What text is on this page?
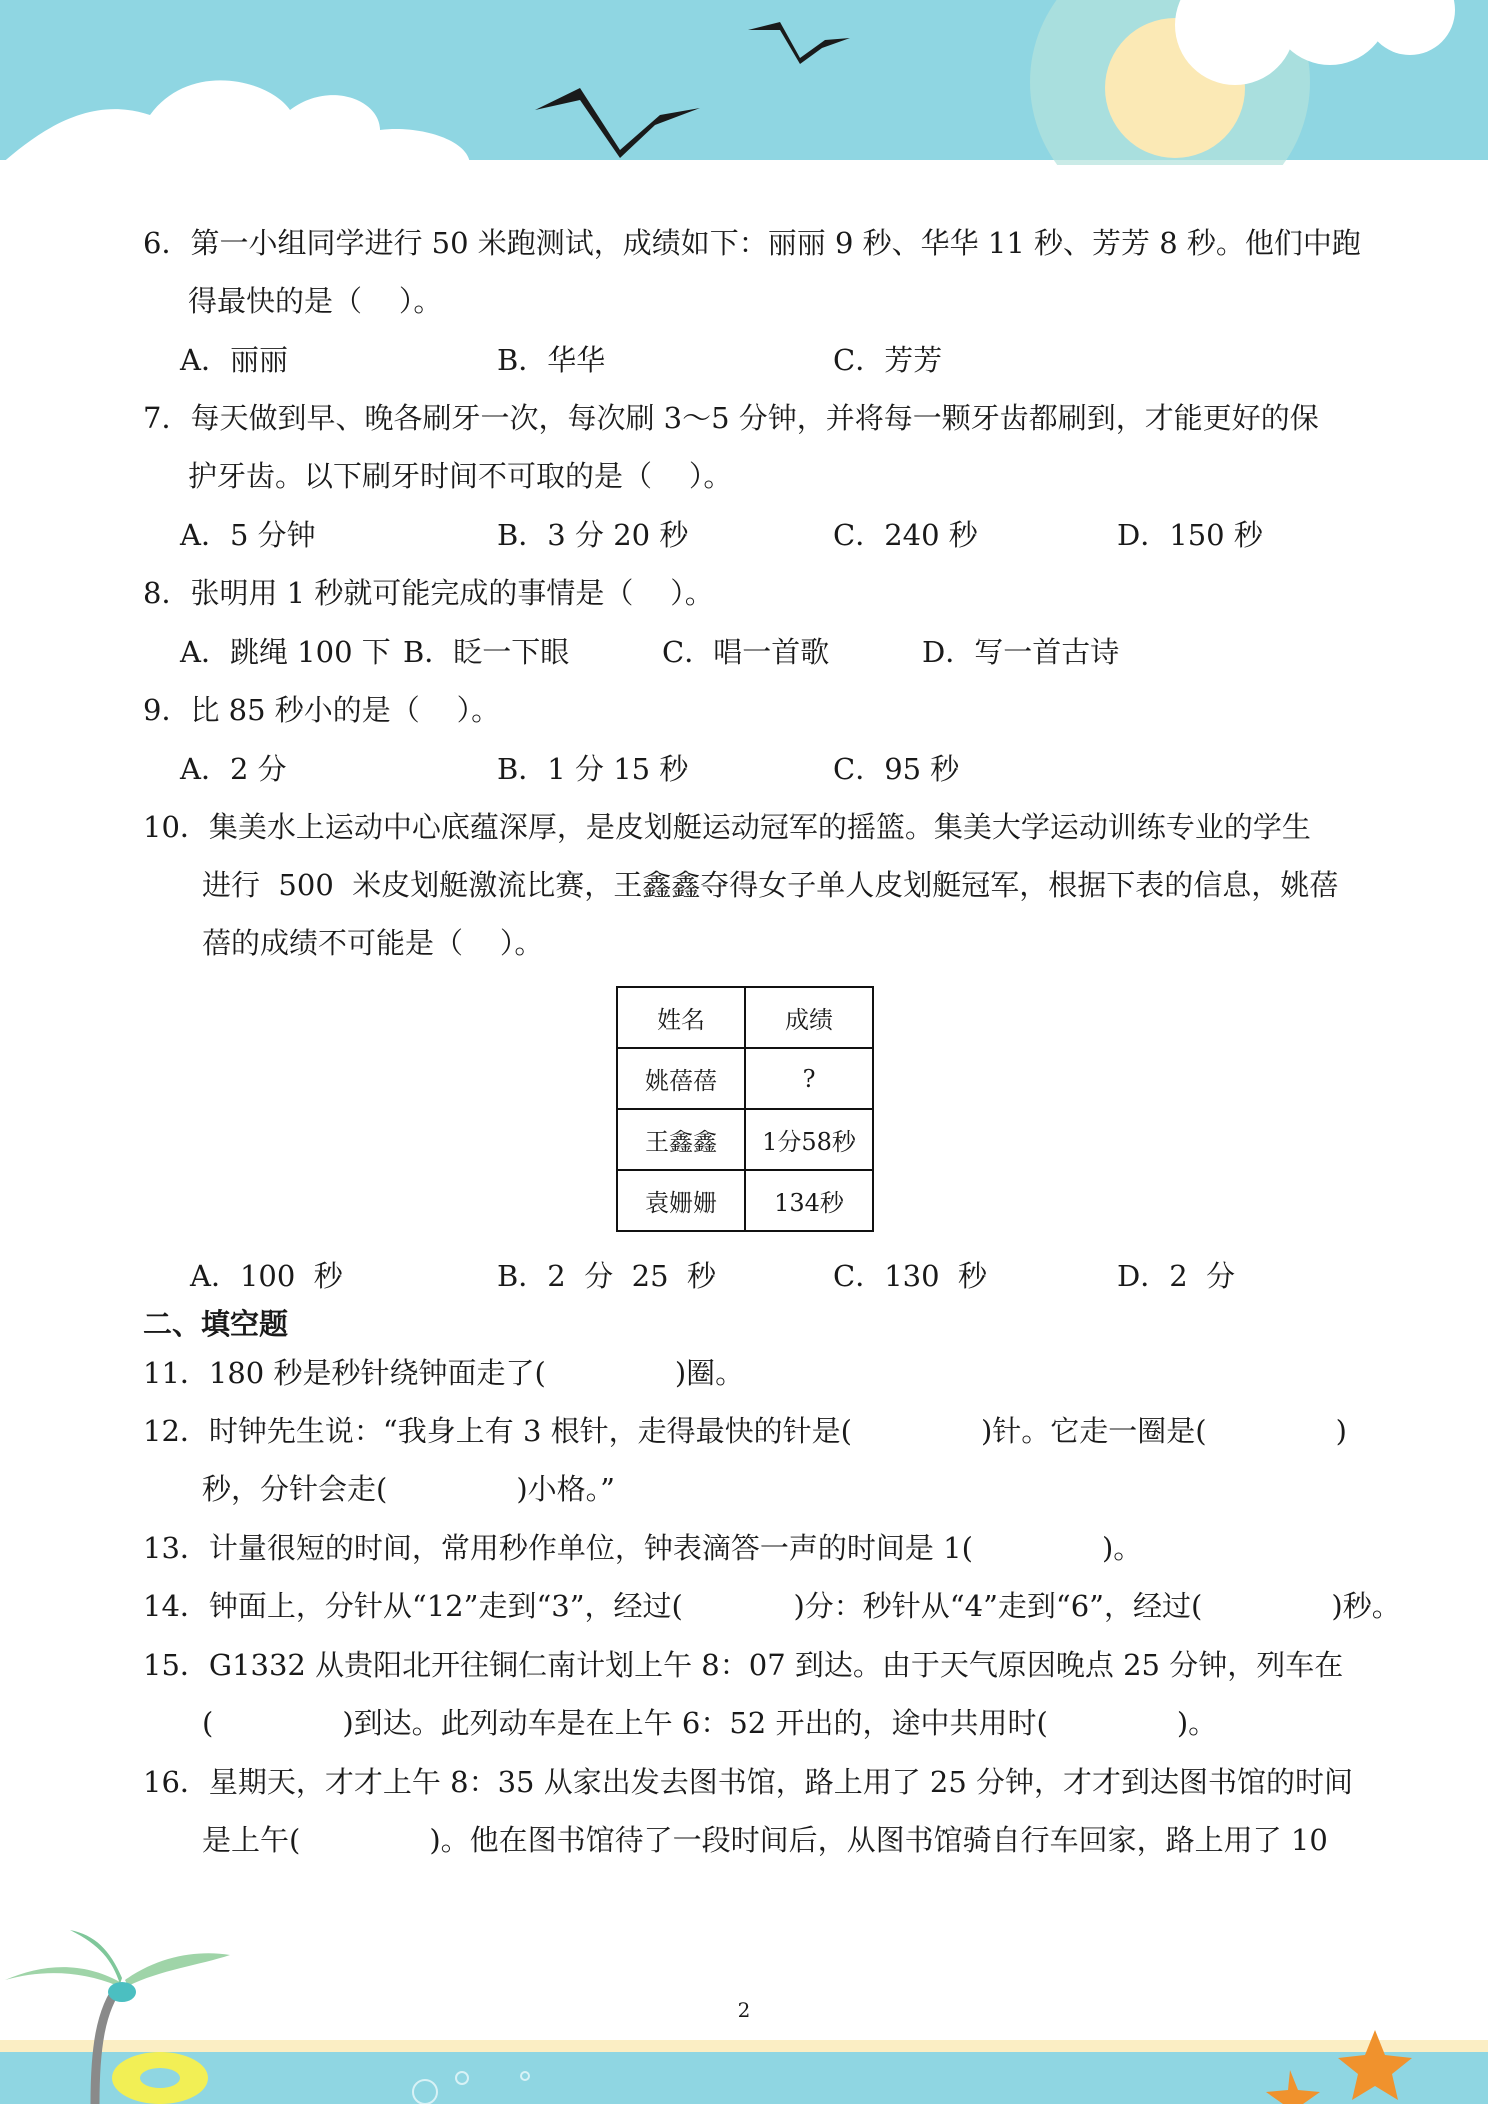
6．第一小组同学进行 50 米跑测试，成绩如下：丽丽 9 秒、华华 11 秒、芳芳 8 秒。他们中跑
得最快的是（    ）。
A．丽丽	B．华华	C．芳芳
7．每天做到早、晚各刷牙一次，每次刷 3～5 分钟，并将每一颗牙齿都刷到，才能更好的保
护牙齿。以下刷牙时间不可取的是（    ）。
A．5 分钟	B．3 分 20 秒	C．240 秒	D．150 秒
8．张明用 1 秒就可能完成的事情是（    ）。
A．跳绳 100 下 B．眨一下眼	C．唱一首歌	D．写一首古诗
9．比 85 秒小的是（    ）。
A．2 分	B．1 分 15 秒	C．95 秒
10．集美水上运动中心底蕴深厚，是皮划艇运动冠军的摇篮。集美大学运动训练专业的学生
进行  500  米皮划艇激流比赛，王鑫鑫夺得女子单人皮划艇冠军，根据下表的信息，姚蓓
蓓的成绩不可能是（    ）。
姓名	成绩
姚蓓蓓	?
王鑫鑫	1分58秒
袁姗姗	134秒
A．100  秒	B．2  分  25  秒	C．130  秒	D．2  分
二、填空题
11．180 秒是秒针绕钟面走了(              )圈。
12．时钟先生说：“我身上有 3 根针，走得最快的针是(              )针。它走一圈是(              )
秒，分针会走(              )小格。”
13．计量很短的时间，常用秒作单位，钟表滴答一声的时间是 1(              )。
14．钟面上，分针从“12”走到“3”，经过(            )分：秒针从“4”走到“6”，经过(              )秒。
15．G1332 从贵阳北开往铜仁南计划上午 8：07 到达。由于天气原因晚点 25 分钟，列车在
(              )到达。此列动车是在上午 6：52 开出的，途中共用时(              )。
16．星期天，才才上午 8：35 从家出发去图书馆，路上用了 25 分钟，才才到达图书馆的时间
是上午(              )。他在图书馆待了一段时间后，从图书馆骑自行车回家，路上用了 10
2
